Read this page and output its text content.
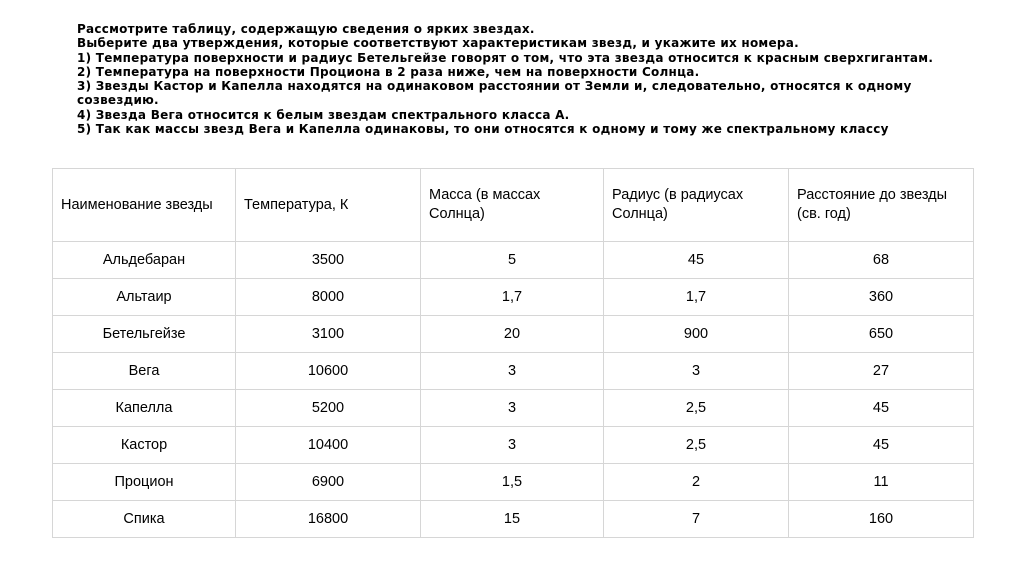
Рассмотрите таблицу, содержащую сведения о ярких звездах.

Выберите два утверждения, которые соответствуют характеристикам звезд, и укажите их номера.

1) Температура поверхности и радиус Бетельгейзе говорят о том, что эта звезда относится к красным сверхгигантам.

2) Температура на поверхности Проциона в 2 раза ниже, чем на поверхности Солнца.

3) Звезды Кастор и Капелла находятся на одинаковом расстоянии от Земли и, следовательно, относятся к одному созвездию.

4) Звезда Вега относится к белым звездам спектрального класса А.

5) Так как массы звезд Вега и Капелла одинаковы, то они относятся к одному и тому же спектральному классу

Наименование звезды	Температура, К	Масса (в массах Солнца)	Радиус (в радиусах Солнца)	Расстояние до звезды (св. год)
Альдебаран	3500	5	45	68
Альтаир	8000	1,7	1,7	360
Бетельгейзе	3100	20	900	650
Вега	10600	3	3	27
Капелла	5200	3	2,5	45
Кастор	10400	3	2,5	45
Процион	6900	1,5	2	11
Спика	16800	15	7	160
